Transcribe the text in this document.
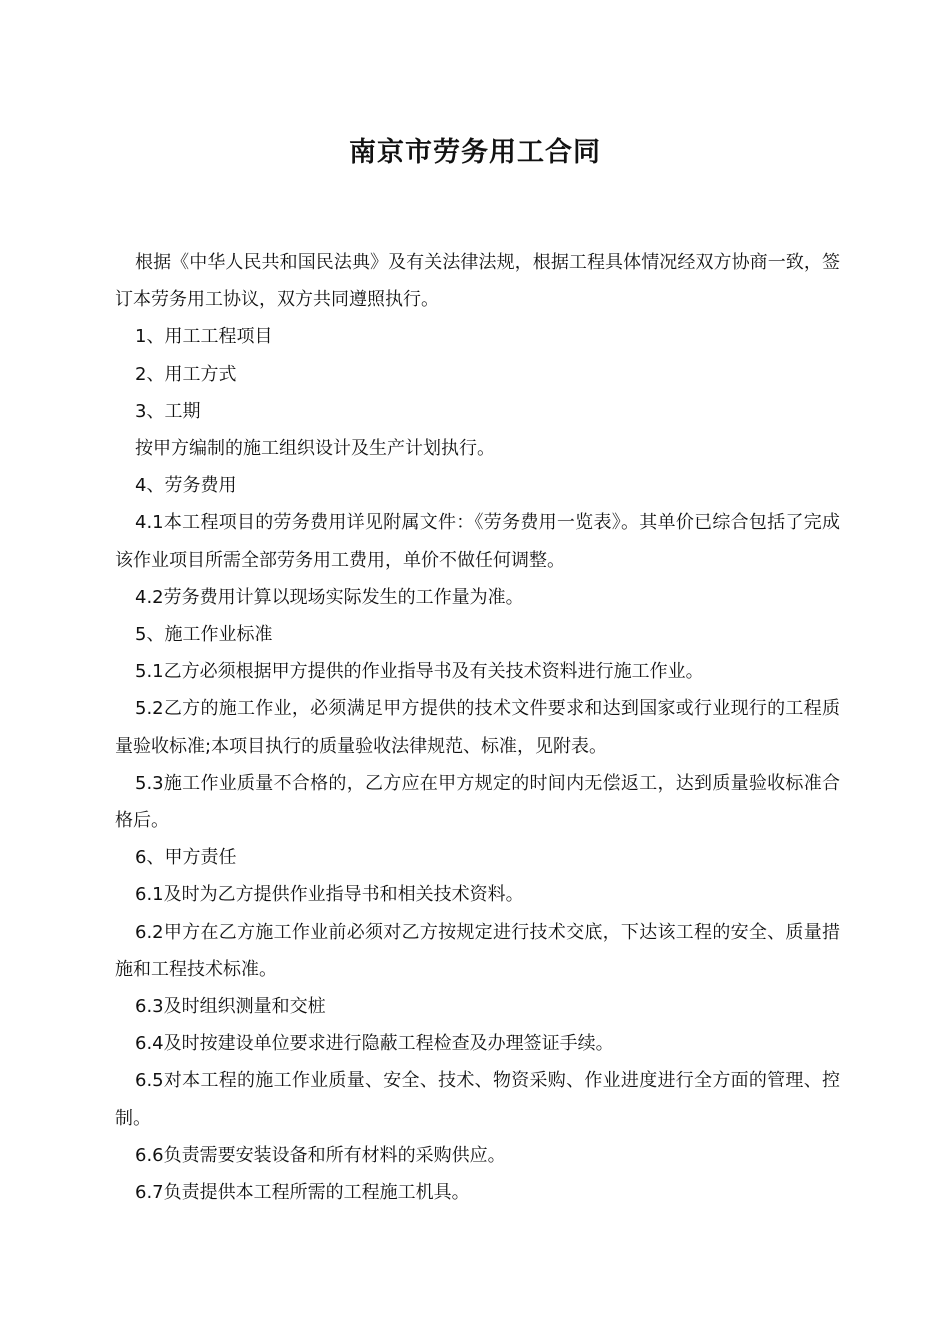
南京市劳务用工合同

根据《中华人民共和国民法典》及有关法律法规，根据工程具体情况经双方协商一致，签订本劳务用工协议，双方共同遵照执行。

1、用工工程项目

2、用工方式

3、工期

按甲方编制的施工组织设计及生产计划执行。

4、劳务费用

4.1本工程项目的劳务费用详见附属文件：《劳务费用一览表》。其单价已综合包括了完成该作业项目所需全部劳务用工费用，单价不做任何调整。

4.2劳务费用计算以现场实际发生的工作量为准。

5、施工作业标准

5.1乙方必须根据甲方提供的作业指导书及有关技术资料进行施工作业。

5.2乙方的施工作业，必须满足甲方提供的技术文件要求和达到国家或行业现行的工程质量验收标准;本项目执行的质量验收法律规范、标准，见附表。

5.3施工作业质量不合格的，乙方应在甲方规定的时间内无偿返工，达到质量验收标准合格后。

6、甲方责任

6.1及时为乙方提供作业指导书和相关技术资料。

6.2甲方在乙方施工作业前必须对乙方按规定进行技术交底，下达该工程的安全、质量措施和工程技术标准。

6.3及时组织测量和交桩

6.4及时按建设单位要求进行隐蔽工程检查及办理签证手续。

6.5对本工程的施工作业质量、安全、技术、物资采购、作业进度进行全方面的管理、控制。

6.6负责需要安装设备和所有材料的采购供应。

6.7负责提供本工程所需的工程施工机具。
